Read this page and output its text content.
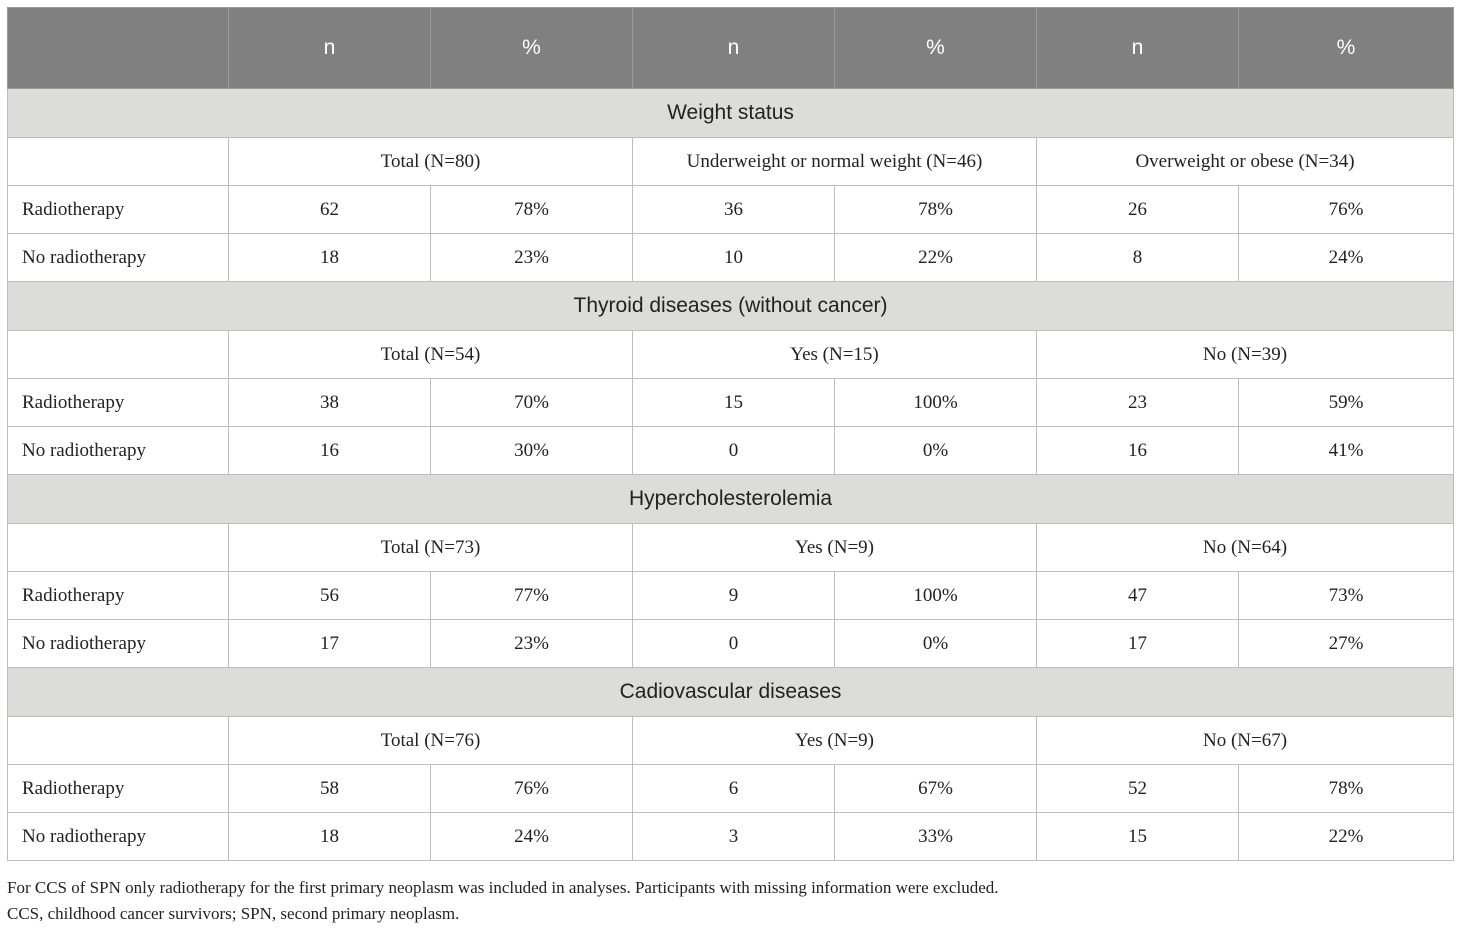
	n	%	n	%	n	%
Weight status						
	Total (N=80)		Underweight or normal weight (N=46)		Overweight or obese (N=34)	
Radiotherapy	62	78%	36	78%	26	76%
No radiotherapy	18	23%	10	22%	8	24%
Thyroid diseases (without cancer)						
	Total (N=54)		Yes (N=15)		No (N=39)	
Radiotherapy	38	70%	15	100%	23	59%
No radiotherapy	16	30%	0	0%	16	41%
Hypercholesterolemia						
	Total (N=73)		Yes (N=9)		No (N=64)	
Radiotherapy	56	77%	9	100%	47	73%
No radiotherapy	17	23%	0	0%	17	27%
Cadiovascular diseases						
	Total (N=76)		Yes (N=9)		No (N=67)	
Radiotherapy	58	76%	6	67%	52	78%
No radiotherapy	18	24%	3	33%	15	22%
For CCS of SPN only radiotherapy for the first primary neoplasm was included in analyses. Participants with missing information were excluded.
CCS, childhood cancer survivors; SPN, second primary neoplasm.
